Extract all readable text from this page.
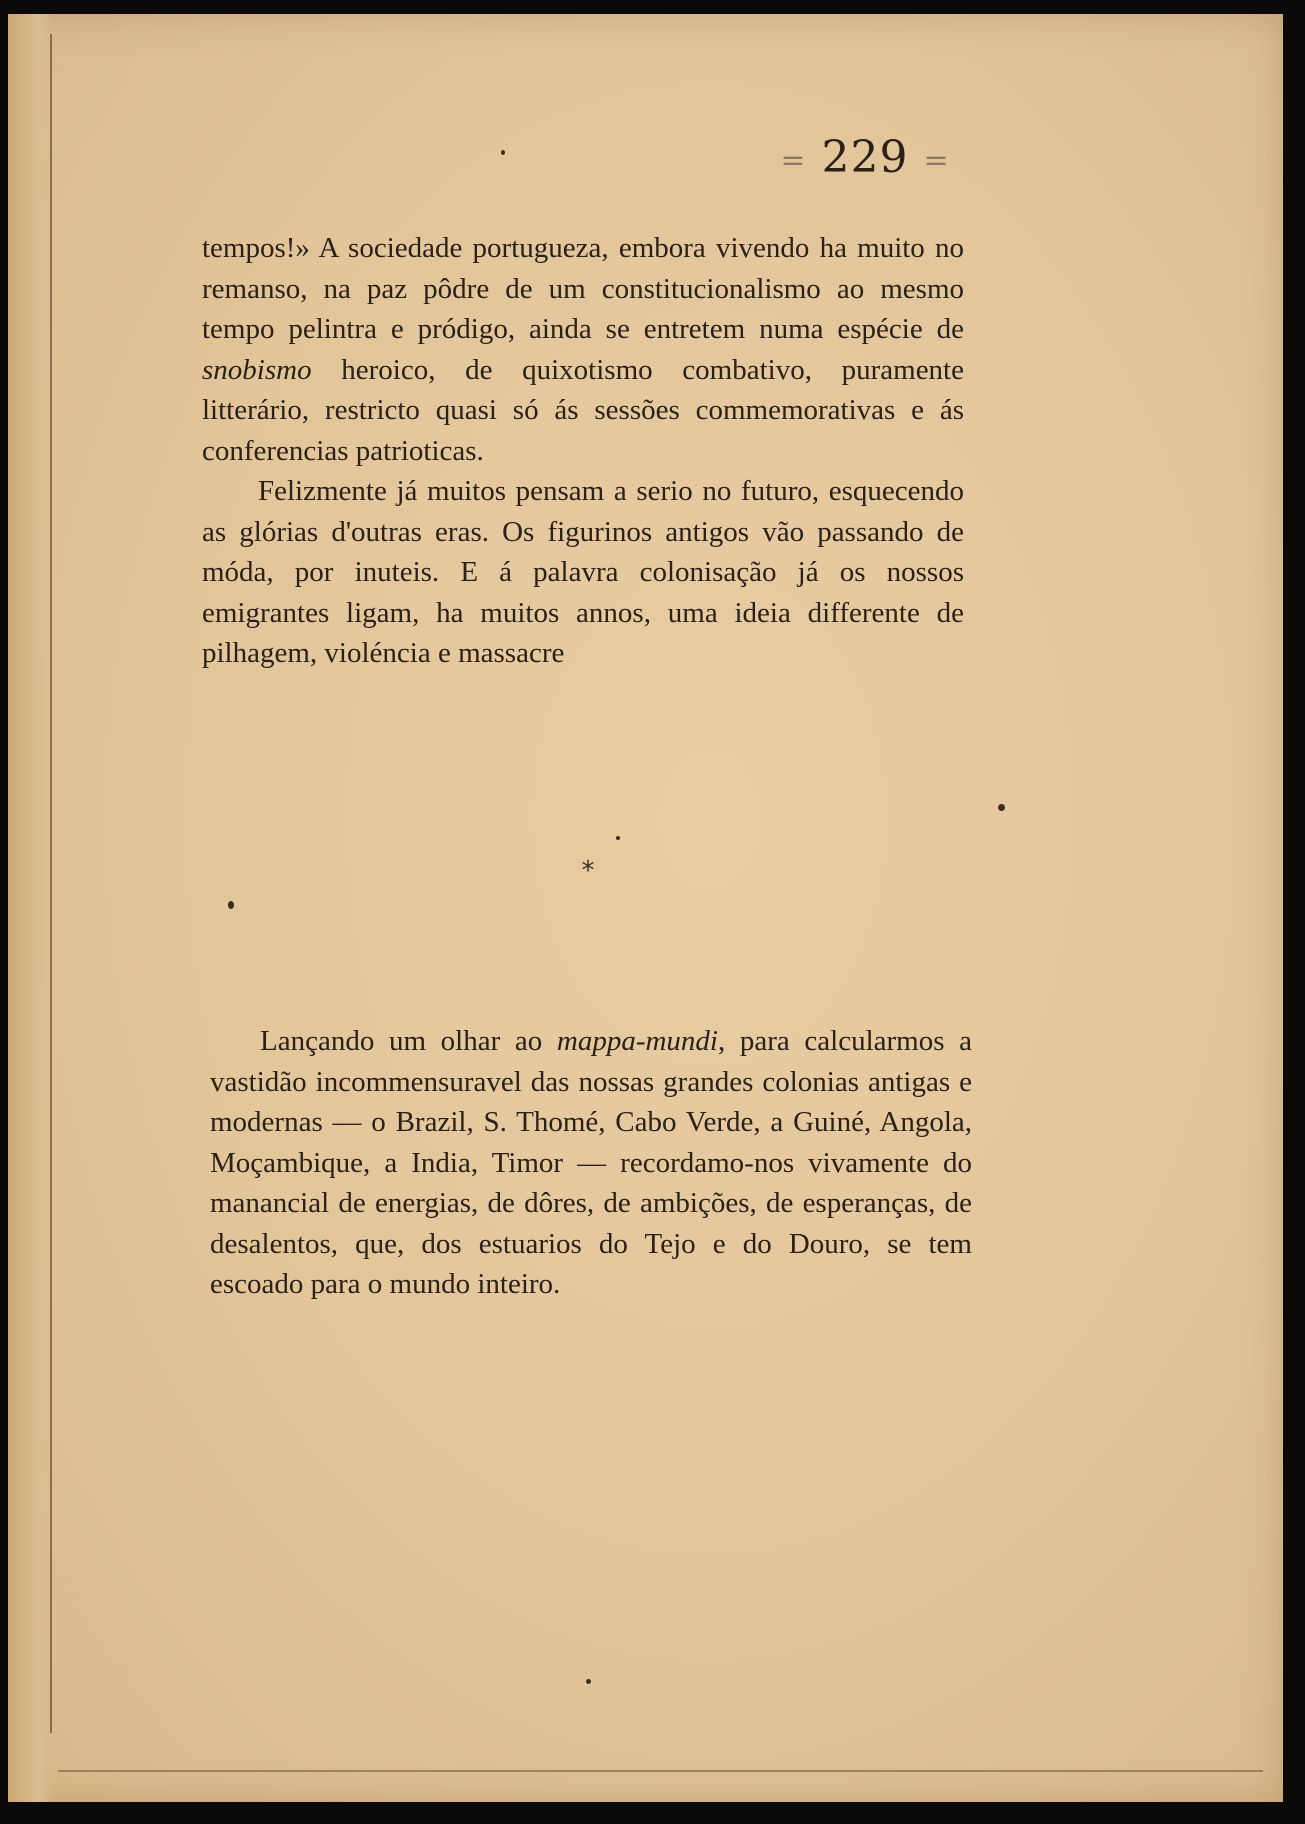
= 229 =

tempos!» A sociedade portugueza, embora vivendo ha muito no remanso, na paz pôdre de um constitucionalismo ao mesmo tempo pelintra e pródigo, ainda se entretem numa espécie de snobismo heroico, de quixotismo combativo, puramente litterário, restricto quasi só ás sessões commemorativas e ás conferencias patrioticas.

Felizmente já muitos pensam a serio no futuro, esquecendo as glórias d'outras eras. Os figurinos antigos vão passando de móda, por inuteis. E á palavra colonisação já os nossos emigrantes ligam, ha muitos annos, uma ideia differente de pilhagem, violéncia e massacre

*

Lançando um olhar ao mappa-mundi, para calcularmos a vastidão incommensuravel das nossas grandes colonias antigas e modernas — o Brazil, S. Thomé, Cabo Verde, a Guiné, Angola, Moçambique, a India, Timor — recordamo-nos vivamente do manancial de energias, de dôres, de ambições, de esperanças, de desalentos, que, dos estuarios do Tejo e do Douro, se tem escoado para o mundo inteiro.
